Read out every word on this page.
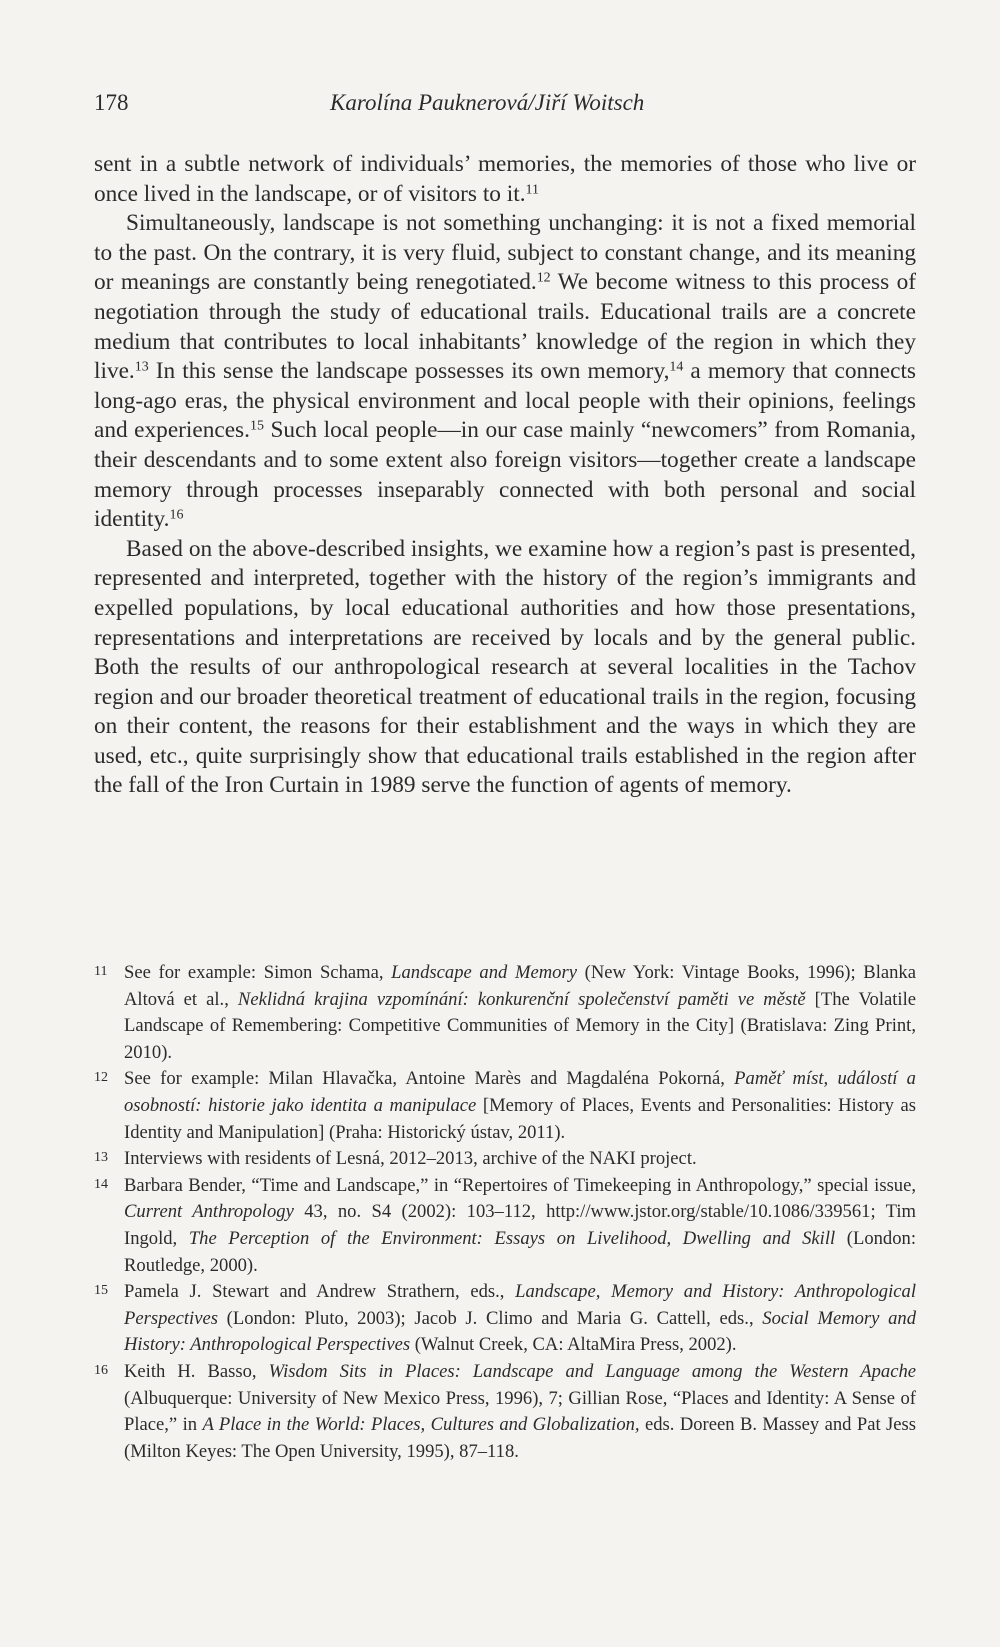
178	Karolína Pauknerová/Jiří Woitsch

sent in a subtle network of individuals’ memories, the memories of those who live or once lived in the landscape, or of visitors to it.$^{11}$

Simultaneously, landscape is not something unchanging: it is not a fixed memorial to the past. On the contrary, it is very fluid, subject to constant change, and its meaning or meanings are constantly being renegotiated.$^{12}$ We become witness to this process of negotiation through the study of educational trails. Educational trails are a concrete medium that contributes to local inhabitants’ knowledge of the region in which they live.$^{13}$ In this sense the landscape possesses its own memory,$^{14}$ a memory that connects long-ago eras, the physical environment and local people with their opinions, feelings and experiences.$^{15}$ Such local people—in our case mainly “newcomers” from Romania, their descendants and to some extent also foreign visitors—together create a landscape memory through processes inseparably connected with both personal and social identity.$^{16}$

Based on the above-described insights, we examine how a region’s past is presented, represented and interpreted, together with the history of the region’s immigrants and expelled populations, by local educational authorities and how those presentations, representations and interpretations are received by locals and by the general public. Both the results of our anthropological research at several localities in the Tachov region and our broader theoretical treatment of educational trails in the region, focusing on their content, the reasons for their establishment and the ways in which they are used, etc., quite surprisingly show that educational trails established in the region after the fall of the Iron Curtain in 1989 serve the function of agents of memory.

11 See for example: Simon Schama, Landscape and Memory (New York: Vintage Books, 1996); Blanka Altová et al., Neklidná krajina vzpomínání: konkurenční společenství paměti ve městě [The Volatile Landscape of Remembering: Competitive Communities of Memory in the City] (Bratislava: Zing Print, 2010).
12 See for example: Milan Hlavačka, Antoine Marès and Magdaléna Pokorná, Paměť míst, událostí a osobností: historie jako identita a manipulace [Memory of Places, Events and Personalities: History as Identity and Manipulation] (Praha: Historický ústav, 2011).
13 Interviews with residents of Lesná, 2012–2013, archive of the NAKI project.
14 Barbara Bender, “Time and Landscape,” in “Repertoires of Timekeeping in Anthropology,” special issue, Current Anthropology 43, no. S4 (2002): 103–112, http://www.jstor.org/stable/10.1086/339561; Tim Ingold, The Perception of the Environment: Essays on Livelihood, Dwelling and Skill (London: Routledge, 2000).
15 Pamela J. Stewart and Andrew Strathern, eds., Landscape, Memory and History: Anthropological Perspectives (London: Pluto, 2003); Jacob J. Climo and Maria G. Cattell, eds., Social Memory and History: Anthropological Perspectives (Walnut Creek, CA: AltaMira Press, 2002).
16 Keith H. Basso, Wisdom Sits in Places: Landscape and Language among the Western Apache (Albuquerque: University of New Mexico Press, 1996), 7; Gillian Rose, “Places and Identity: A Sense of Place,” in A Place in the World: Places, Cultures and Globalization, eds. Doreen B. Massey and Pat Jess (Milton Keyes: The Open University, 1995), 87–118.
